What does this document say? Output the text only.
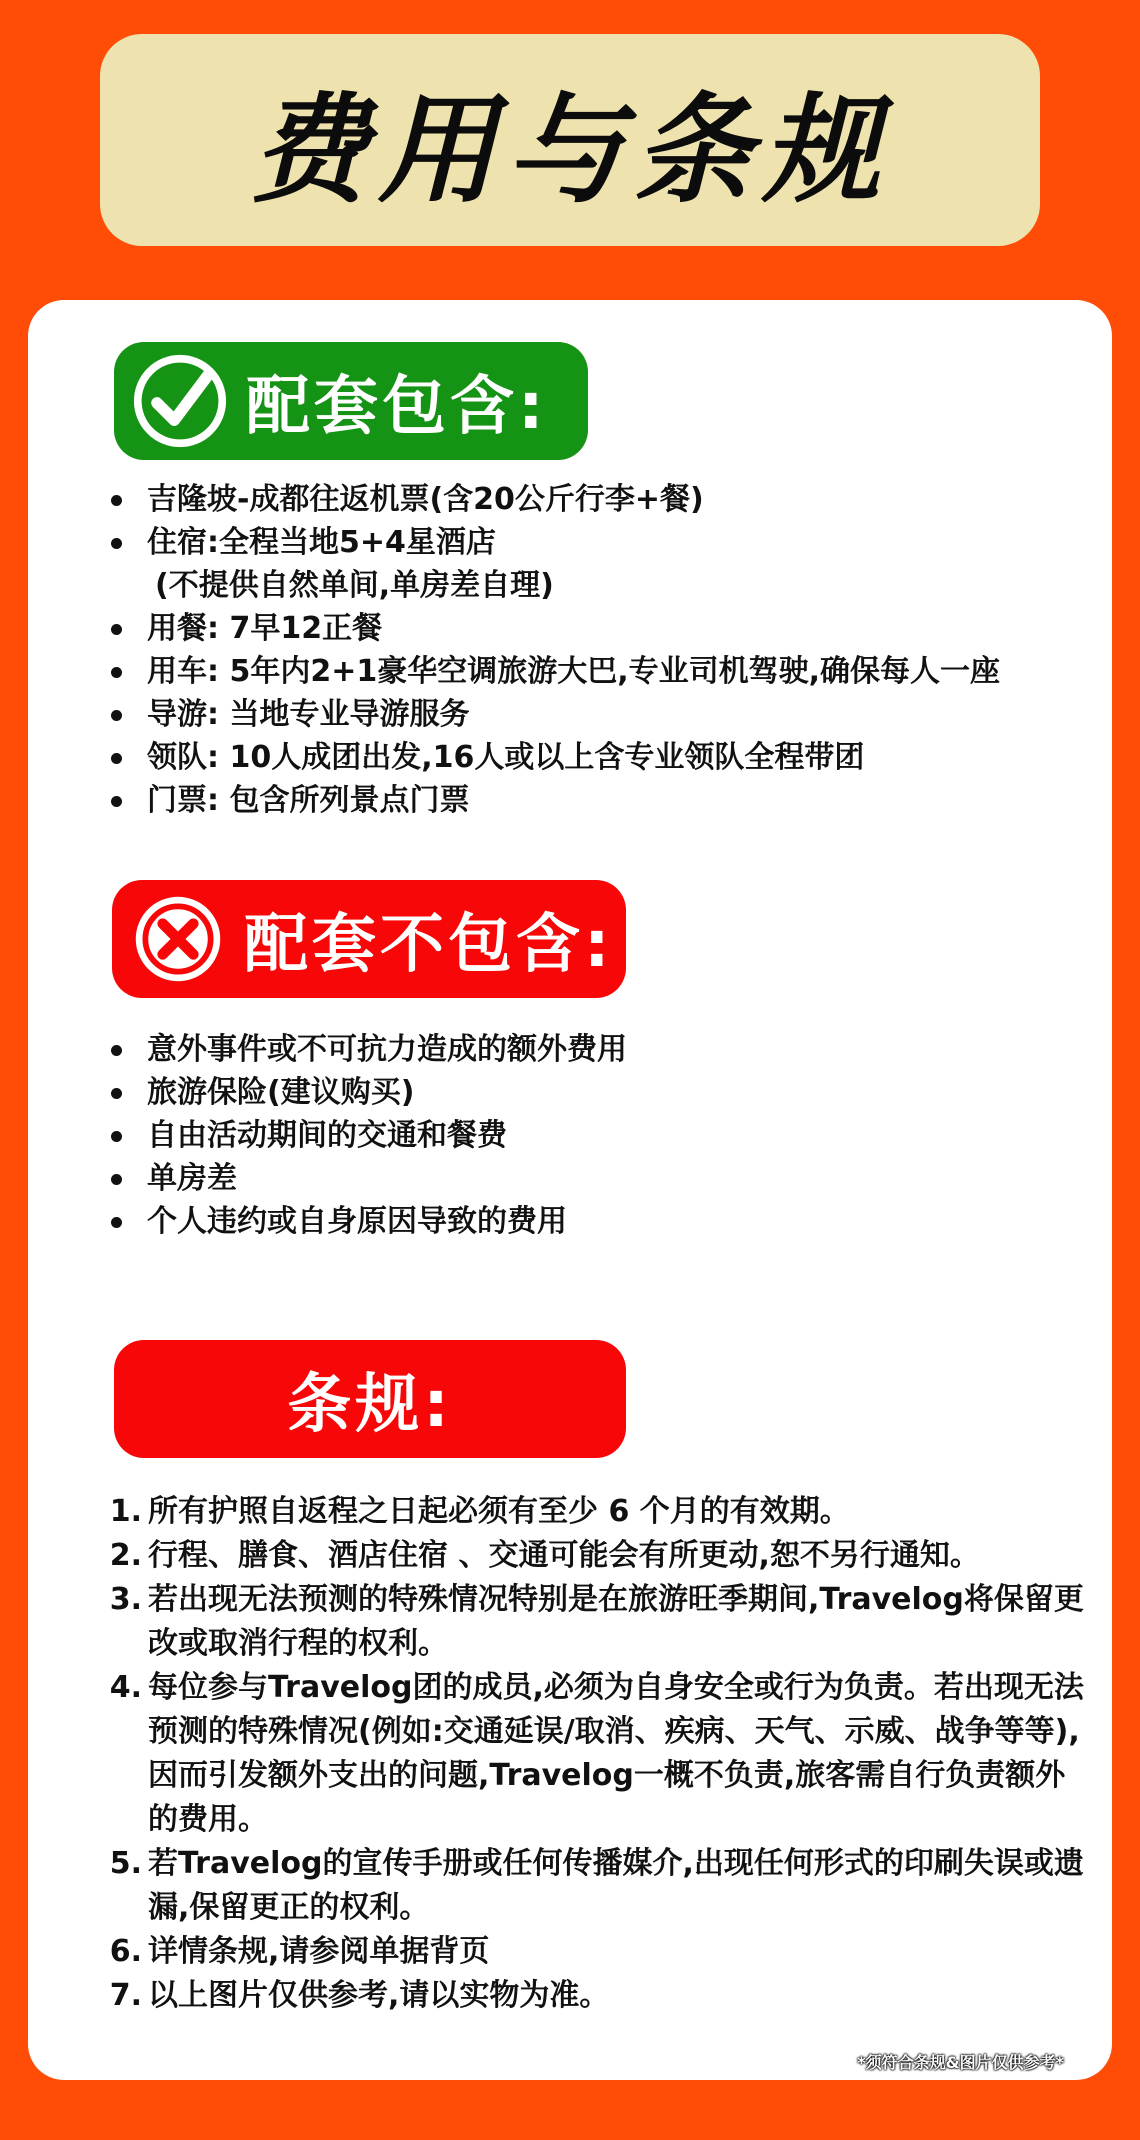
费用与条规
配套包含:
吉隆坡-成都往返机票(含20公斤行李+餐)
住宿:全程当地5+4星酒店
(不提供自然单间,单房差自理)
用餐: 7早12正餐
用车: 5年内2+1豪华空调旅游大巴,专业司机驾驶,确保每人一座
导游: 当地专业导游服务
领队: 10人成团出发,16人或以上含专业领队全程带团
门票: 包含所列景点门票
配套不包含:
意外事件或不可抗力造成的额外费用
旅游保险(建议购买)
自由活动期间的交通和餐费
单房差
个人违约或自身原因导致的费用
条规:
1. 所有护照自返程之日起必须有至少 6 个月的有效期。
2. 行程、膳食、酒店住宿 、交通可能会有所更动,恕不另行通知。
3. 若出现无法预测的特殊情况特别是在旅游旺季期间,Travelog将保留更改或取消行程的权利。
4. 每位参与Travelog团的成员,必须为自身安全或行为负责。若出现无法预测的特殊情况(例如:交通延误/取消、疾病、天气、示威、战争等等),因而引发额外支出的问题,Travelog一概不负责,旅客需自行负责额外的费用。
5. 若Travelog的宣传手册或任何传播媒介,出现任何形式的印刷失误或遗漏,保留更正的权利。
6. 详情条规,请参阅单据背页
7. 以上图片仅供参考,请以实物为准。
*须符合条规&图片仅供参考*
